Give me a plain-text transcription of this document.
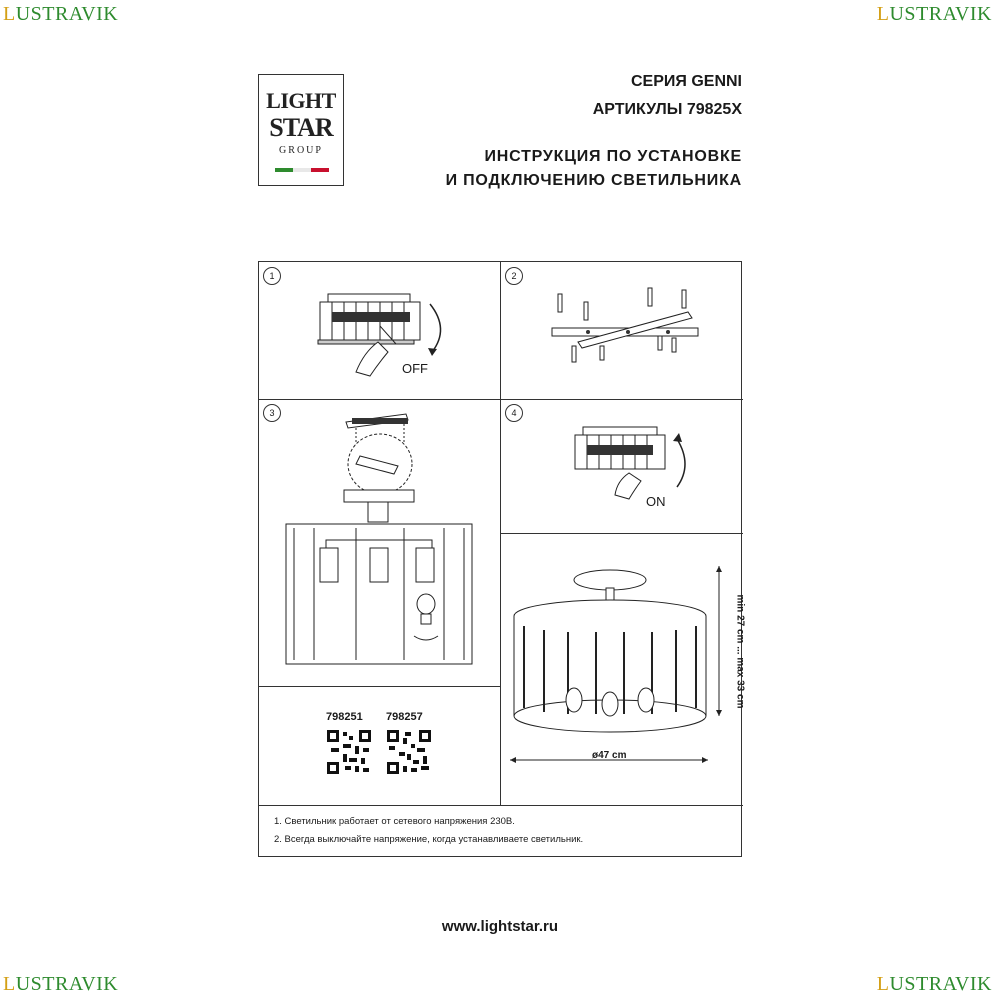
LUSTRAVIK	LUSTRAVIK
LUSTRAVIK	LUSTRAVIK
LIGHT
STAR
GROUP
СЕРИЯ GENNI
АРТИКУЛЫ 79825X
ИНСТРУКЦИЯ ПО УСТАНОВКЕ
И ПОДКЛЮЧЕНИЮ СВЕТИЛЬНИКА
1	2
3	4
OFF
ON
min 27 cm ... max 33 cm
ø47 cm
798251 798257
1. Светильник работает от сетевого напряжения 230В.
2. Всегда выключайте напряжение, когда устанавливаете светильник.
www.lightstar.ru
